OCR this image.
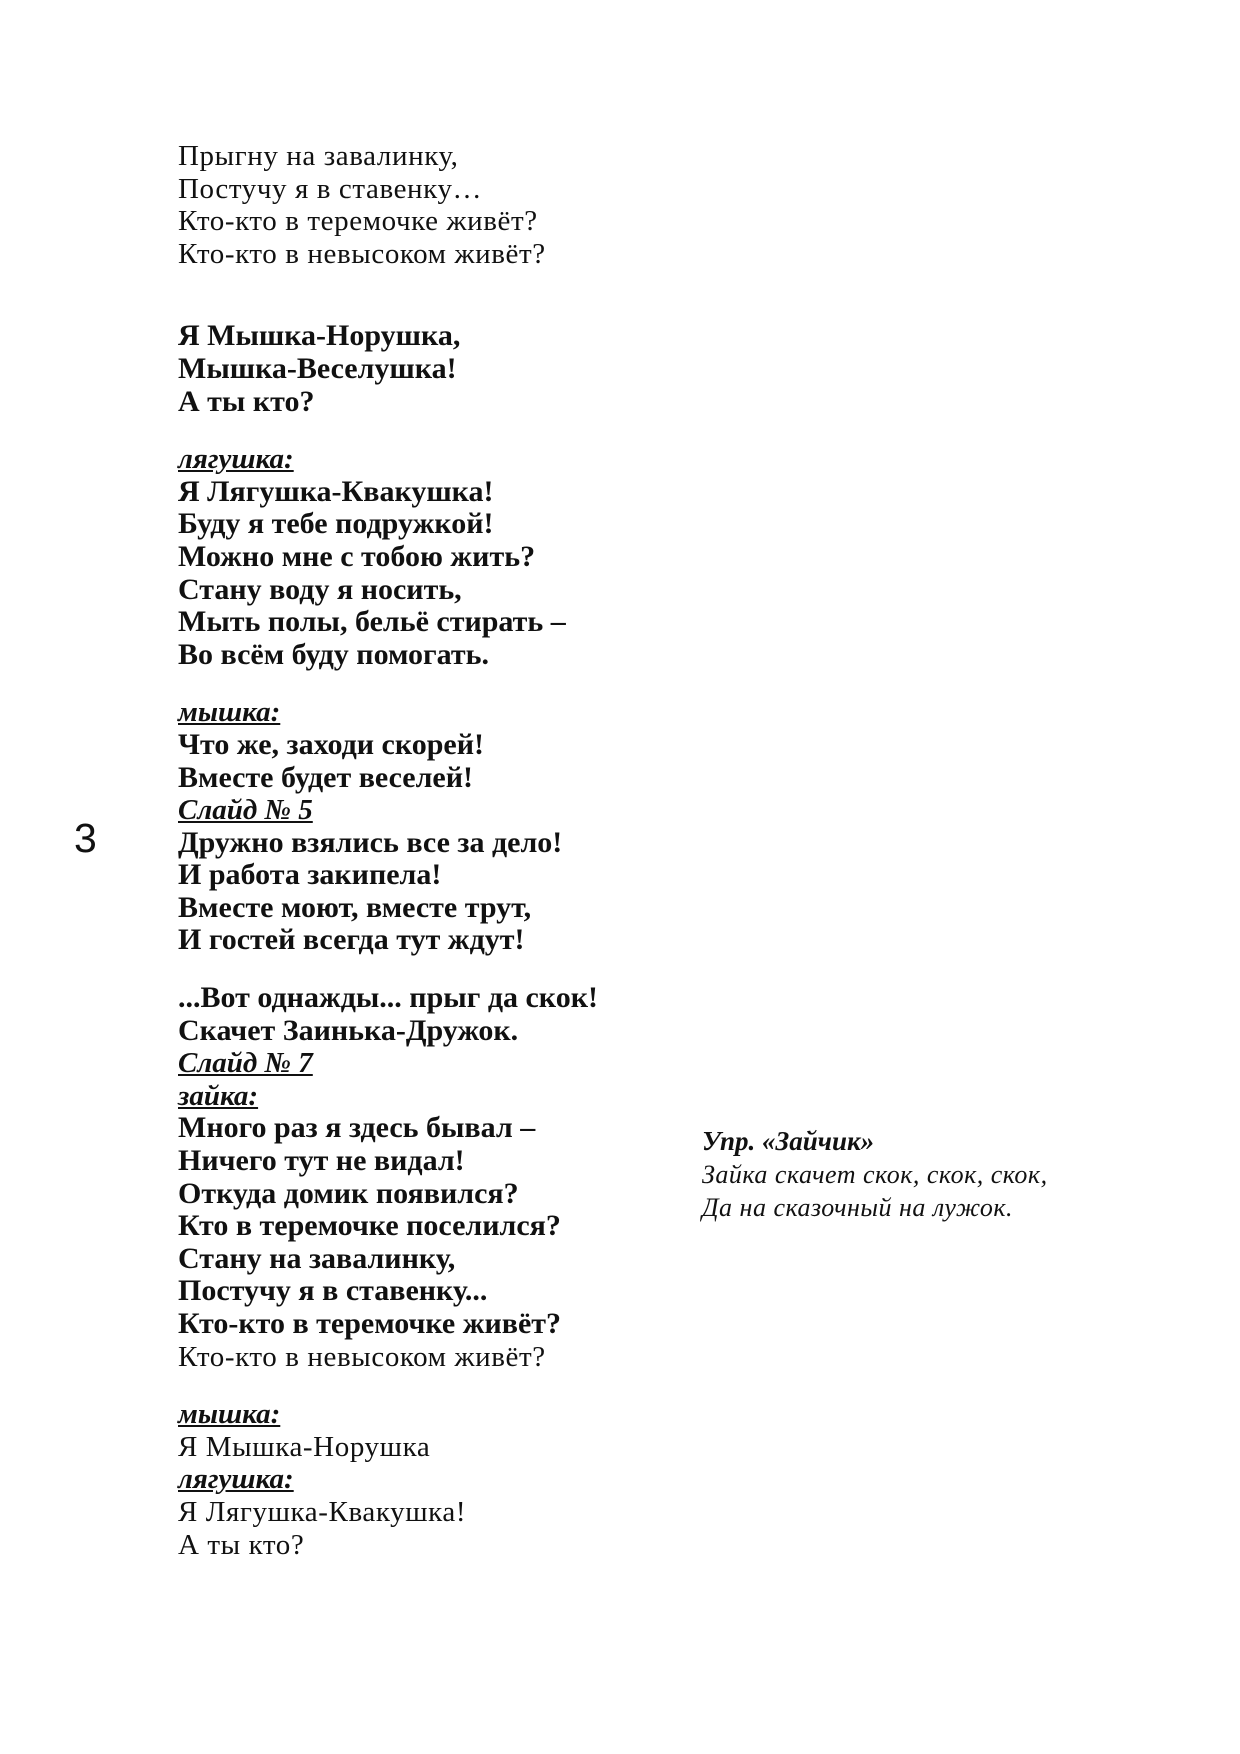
3
Прыгну на завалинку,
Постучу я в ставенку…
Кто-кто в теремочке живёт?
Кто-кто в невысоком живёт?
Я Мышка-Норушка,
Мышка-Веселушка!
А ты кто?
лягушка:
Я Лягушка-Квакушка!
Буду я тебе подружкой!
Можно мне с тобою жить?
Стану воду я носить,
Мыть полы, бельё стирать –
Во всём буду помогать.
мышка:
Что же, заходи скорей!
Вместе будет веселей!
Слайд № 5
Дружно взялись все за дело!
И работа закипела!
Вместе моют, вместе трут,
И гостей всегда тут ждут!
...Вот однажды... прыг да скок!
Скачет Заинька-Дружок.
Слайд № 7
зайка:
Много раз я здесь бывал –
Ничего тут не видал!
Откуда домик появился?
Кто в теремочке поселился?
Стану на завалинку,
Постучу я в ставенку...
Кто-кто в теремочке живёт?
Кто-кто в невысоком живёт?
мышка:
Я Мышка-Норушка
лягушка:
Я Лягушка-Квакушка!
А ты кто?
Упр. «Зайчик»
Зайка скачет скок, скок, скок,
Да на сказочный на лужок.
